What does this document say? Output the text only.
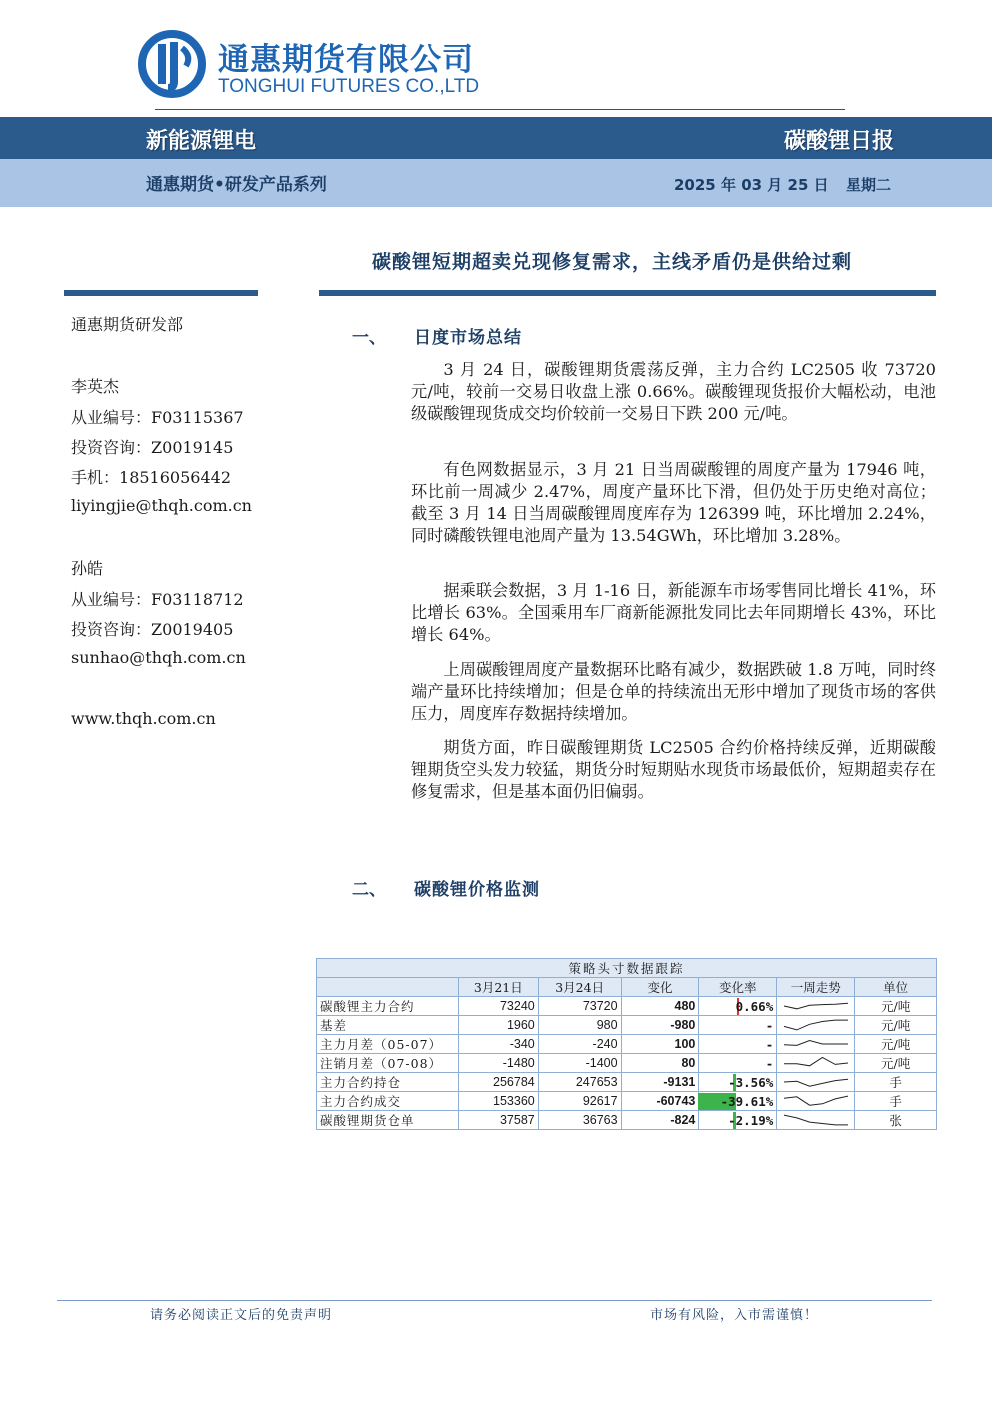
通惠期货有限公司
TONGHUI FUTURES CO.,LTD
新能源锂电	碳酸锂日报
通惠期货•研发产品系列	2025 年 03 月 25 日 星期二
碳酸锂短期超卖兑现修复需求，主线矛盾仍是供给过剩
通惠期货研发部
李英杰
从业编号：F03115367
投资咨询：Z0019145
手机：18516056442
liyingjie@thqh.com.cn
孙皓
从业编号：F03118712
投资咨询：Z0019405
sunhao@thqh.com.cn
www.thqh.com.cn
一、 日度市场总结

3 月 24 日，碳酸锂期货震荡反弹，主力合约 LC2505 收 73720 元/吨，较前一交易日收盘上涨 0.66%。碳酸锂现货报价大幅松动，电池级碳酸锂现货成交均价较前一交易日下跌 200 元/吨。

有色网数据显示，3 月 21 日当周碳酸锂的周度产量为 17946 吨，环比前一周减少 2.47%，周度产量环比下滑，但仍处于历史绝对高位；截至 3 月 14 日当周碳酸锂周度库存为 126399 吨，环比增加 2.24%，同时磷酸铁锂电池周产量为 13.54GWh，环比增加 3.28%。

据乘联会数据，3 月 1-16 日，新能源车市场零售同比增长 41%，环比增长 63%。全国乘用车厂商新能源批发同比去年同期增长 43%，环比增长 64%。

上周碳酸锂周度产量数据环比略有减少，数据跌破 1.8 万吨，同时终端产量环比持续增加；但是仓单的持续流出无形中增加了现货市场的客供压力，周度库存数据持续增加。

期货方面，昨日碳酸锂期货 LC2505 合约价格持续反弹，近期碳酸锂期货空头发力较猛，期货分时短期贴水现货市场最低价，短期超卖存在修复需求，但是基本面仍旧偏弱。

二、 碳酸锂价格监测
策略头寸数据跟踪						
	3月21日	3月24日	变化	变化率	一周走势	单位
碳酸锂主力合约	73240	73720	480	0.66%		元/吨
基差	1960	980	-980	-		元/吨
主力月差（05-07）	-340	-240	100	-		元/吨
注销月差（07-08）	-1480	-1400	80	-		元/吨
主力合约持仓	256784	247653	-9131	-3.56%		手
主力合约成交	153360	92617	-60743	-39.61%		手
碳酸锂期货仓单	37587	36763	-824	-2.19%		张
请务必阅读正文后的免责声明	市场有风险，入市需谨慎！
